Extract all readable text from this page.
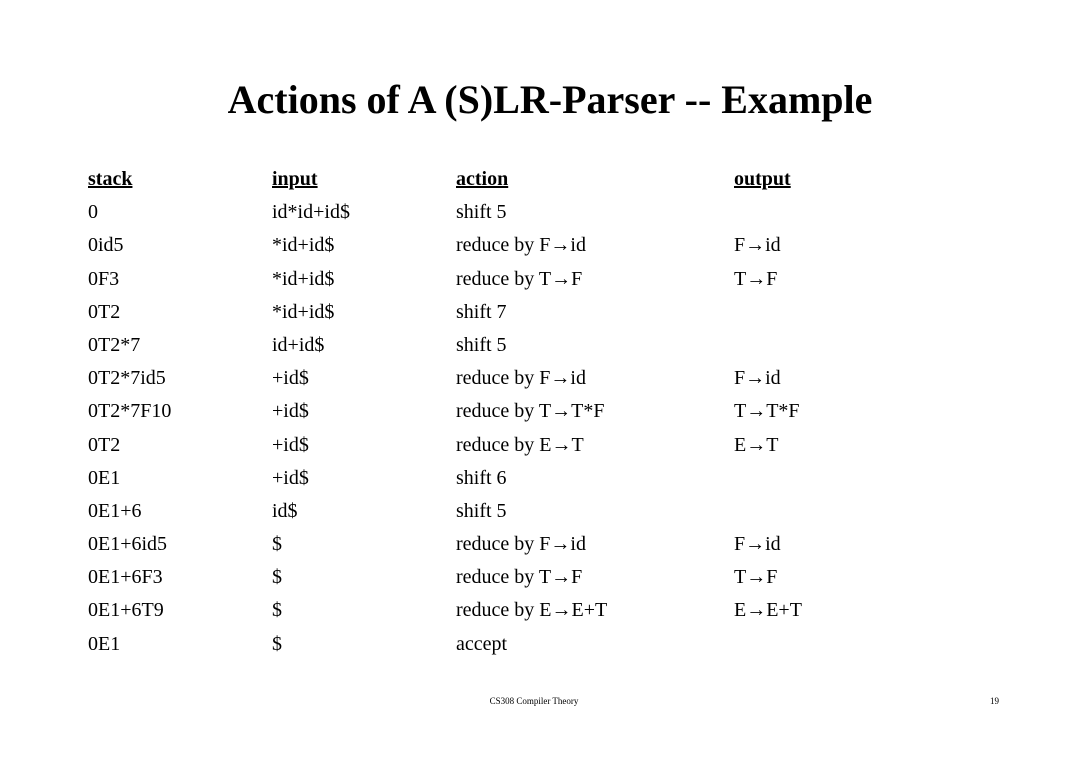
Actions of A (S)LR-Parser -- Example
stack	input	action	output
0	id*id+id$	shift 5
0id5	*id+id$	reduce by F→id	F→id
0F3	*id+id$	reduce by T→F	T→F
0T2	*id+id$	shift 7
0T2*7	id+id$	shift 5
0T2*7id5	+id$	reduce by F→id	F→id
0T2*7F10	+id$	reduce by T→T*F	T→T*F
0T2	+id$	reduce by E→T	E→T
0E1	+id$	shift 6
0E1+6	id$	shift 5
0E1+6id5	$	reduce by F→id	F→id
0E1+6F3	$	reduce by T→F	T→F
0E1+6T9	$	reduce by E→E+T	E→E+T
0E1	$	accept
CS308 Compiler Theory	19
